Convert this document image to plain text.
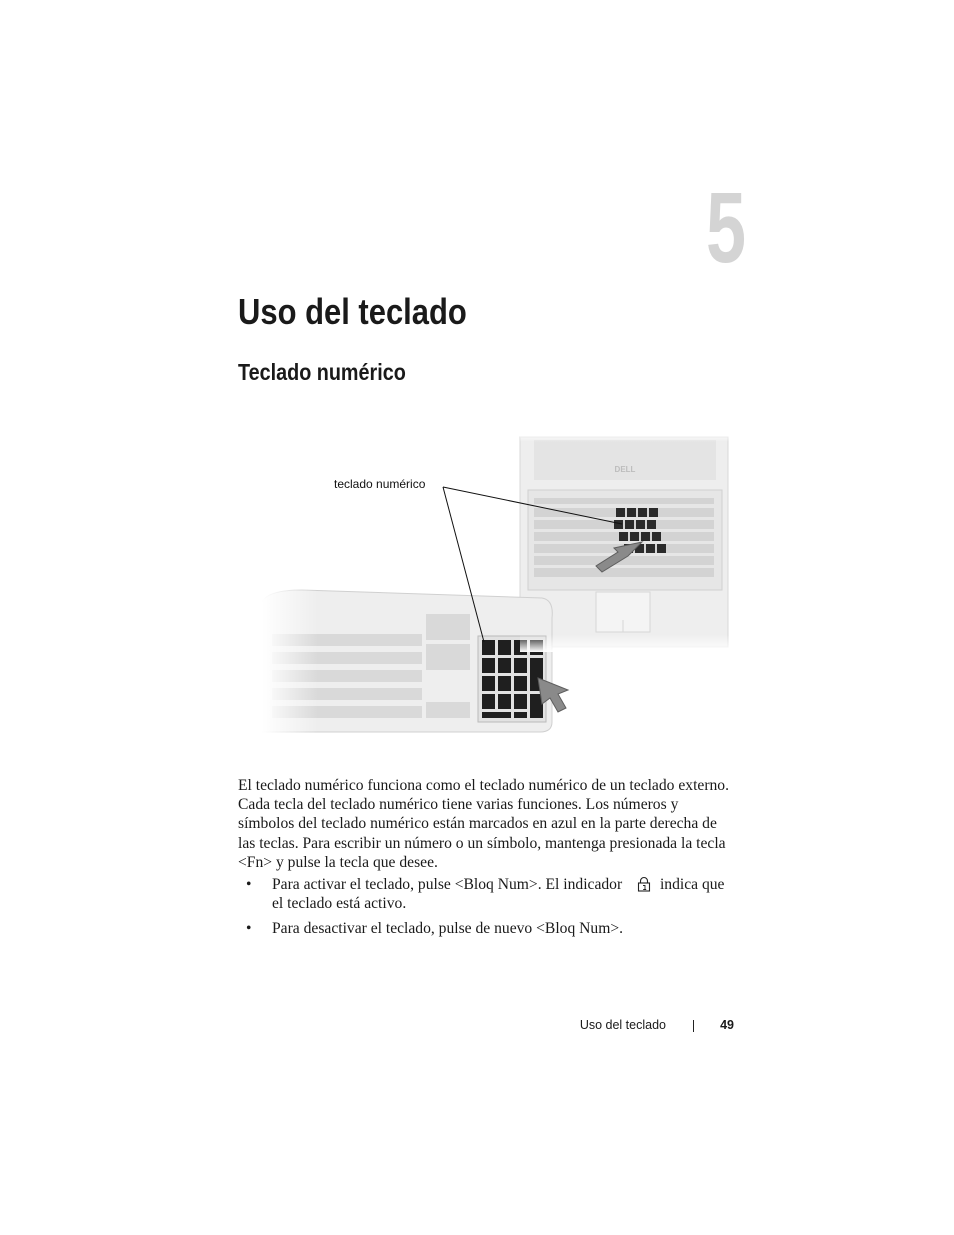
5
Uso del teclado
Teclado numérico
teclado numérico

El teclado numérico funciona como el teclado numérico de un teclado externo. Cada tecla del teclado numérico tiene varias funciones. Los números y símbolos del teclado numérico están marcados en azul en la parte derecha de las teclas. Para escribir un número o un símbolo, mantenga presionada la tecla <Fn> y pulse la tecla que desee.

• Para activar el teclado, pulse <Bloq Num>. El indicador indica que el teclado está activo.
• Para desactivar el teclado, pulse de nuevo <Bloq Num>.
Uso del teclado	49
